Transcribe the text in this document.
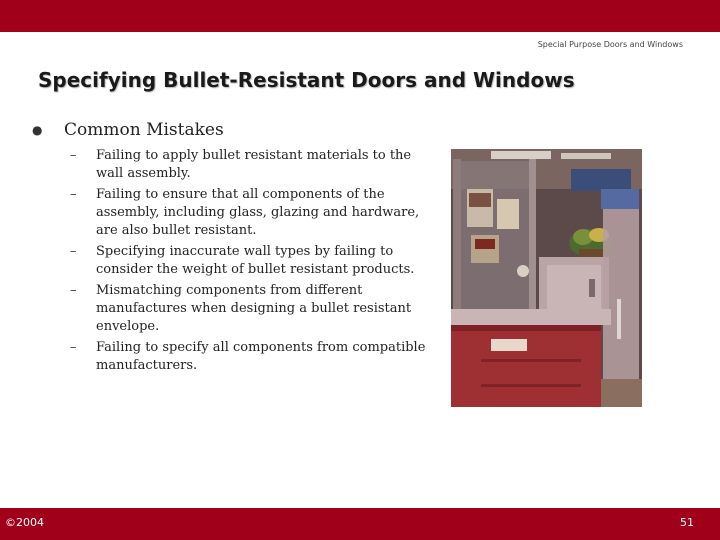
Special Purpose Doors and Windows
Specifying Bullet-Resistant Doors and Windows
●	Common Mistakes
–	Failing to apply bullet resistant materials to the wall assembly.
–	Failing to ensure that all components of the assembly, including glass, glazing and hardware, are also bullet resistant.
–	Specifying inaccurate wall types by failing to consider the weight of bullet resistant products.
–	Mismatching components from different manufactures when designing a bullet resistant envelope.
–	Failing to specify all components from compatible manufacturers.
©2004	51
